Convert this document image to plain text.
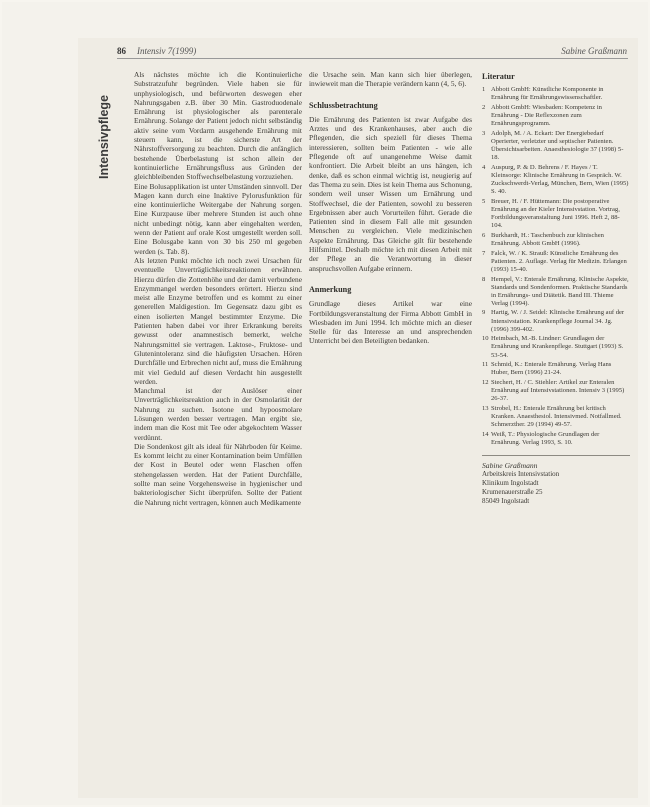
86 Intensiv 7(1999)	Sabine Graßmann
Intensivpflege

Als nächstes möchte ich die Kontinuierliche Substratzufuhr begründen. Viele haben sie für unphysiologisch, und befürworten deswegen eher Nahrungsgaben z.B. über 30 Min. Gastroduodenale Ernährung ist physiologischer als parenterale Ernährung. Solange der Patient jedoch nicht selbständig aktiv seine vom Vordarm ausgehende Ernährung mit steuern kann, ist die sicherste Art der Nährstoffversorgung zu beachten. Durch die anfänglich bestehende Überbelastung ist schon allein der kontinuierliche Ernährungsfluss aus Gründen der gleichbleibenden Stoffwechselbelastung vorzuziehen.

Eine Bolusapplikation ist unter Umständen sinnvoll. Der Magen kann durch eine Inaktive Pylorusfunktion für eine kontinuierliche Weitergabe der Nahrung sorgen. Eine Kurzpause über mehrere Stunden ist auch ohne nicht unbedingt nötig, kann aber eingehalten werden, wenn der Patient auf orale Kost umgestellt werden soll. Eine Bolusgabe kann von 30 bis 250 ml gegeben werden (s. Tab. 8).

Als letzten Punkt möchte ich noch zwei Ursachen für eventuelle Unverträglichkeitsreaktionen erwähnen. Hierzu dürfen die Zottenhöhe und der damit verbundene Enzymmangel werden besonders erörtert. Hierzu sind meist alle Enzyme betroffen und es kommt zu einer generellen Maldigestion. Im Gegensatz dazu gibt es einen isolierten Mangel bestimmter Enzyme. Die Patienten haben dabei vor ihrer Erkrankung bereits gewusst oder anamnestisch bemerkt, welche Nahrungsmittel sie vertragen. Laktose-, Fruktose- und Glutenintoleranz sind die häufigsten Ursachen. Hören Durchfälle und Erbrechen nicht auf, muss die Ernährung mit viel Geduld auf diesen Verdacht hin ausgestellt werden.

Manchmal ist der Auslöser einer Unverträglichkeitsreaktion auch in der Osmolarität der Nahrung zu suchen. Isotone und hypoosmolare Lösungen werden besser vertragen. Man ergibt sie, indem man die Kost mit Tee oder abgekochtem Wasser verdünnt.

Die Sondenkost gilt als ideal für Nährboden für Keime. Es kommt leicht zu einer Kontamination beim Umfüllen der Kost in Beutel oder wenn Flaschen offen stehengelassen werden. Hat der Patient Durchfälle, sollte man seine Vorgehensweise in hygienischer und bakteriologischer Sicht überprüfen. Sollte der Patient die Nahrung nicht vertragen, können auch Medikamente

die Ursache sein. Man kann sich hier überlegen, inwieweit man die Therapie verändern kann (4, 5, 6).

Schlussbetrachtung

Die Ernährung des Patienten ist zwar Aufgabe des Arztes und des Krankenhauses, aber auch die Pflegenden, die sich speziell für dieses Thema interessieren, sollten beim Patienten - wie alle Pflegende oft auf unangenehme Weise damit konfrontiert. Die Arbeit bleibt an uns hängen, ich denke, daß es schon einmal wichtig ist, neugierig auf das Thema zu sein. Dies ist kein Thema aus Schonung, sondern weil unser Wissen um Ernährung und Stoffwechsel, die der Patienten, sowohl zu besseren Ergebnissen aber auch Vorurteilen führt. Gerade die Patienten sind in diesem Fall alle mit gesunden Menschen zu vergleichen. Viele medizinischen Aspekte Ernährung. Das Gleiche gilt für bestehende Hilfsmittel. Deshalb möchte ich mit diesen Arbeit mit der Pflege an die Verantwortung in dieser anspruchsvollen Aufgabe erinnern.

Anmerkung

Grundlage dieses Artikel war eine Fortbildungsveranstaltung der Firma Abbott GmbH in Wiesbaden im Juni 1994. Ich möchte mich an dieser Stelle für das Interesse an und ansprechenden Unterricht bei den Beteiligten bedanken.

Literatur
1 Abbott GmbH: Künstliche Komponente in Ernährung für Ernährungswissenschaftler.
2 Abbott GmbH: Wiesbaden: Kompetenz in Ernährung - Die Reflexzonen zum Ernährungsprogramm.
3 Adolph, M. / A. Eckart: Der Energiebedarf Operierter, verletzter und septischer Patienten. Übersichtsarbeiten. Anaesthesiologie 37 (1998) 5-18.
4 Auspurg, P. & D. Behrens / F. Hayes / T. Kleinsorge: Klinische Ernährung in Gespräch. W. Zuckschwerdt-Verlag, München, Bern, Wien (1995) S. 40.
5 Breuer, H. / F. Hüttemann: Die postoperative Ernährung an der Kieler Intensivstation. Vortrag, Fortbildungsveranstaltung Juni 1996. Heft 2, 88-104.
6 Burkhardt, H.: Taschenbuch zur klinischen Ernährung. Abbott GmbH (1996).
7 Falck, W. / K. Strauß: Künstliche Ernährung des Patienten. 2. Auflage. Verlag für Medizin. Erlangen (1993) 15-40.
8 Hempel, V.: Enterale Ernährung. Klinische Aspekte, Standards und Sondenformen. Praktische Standards in Ernährungs- und Diätetik. Band III. Thieme Verlag (1994).
9 Hartig, W. / J. Seidel: Klinische Ernährung auf der Intensivstation. Krankenpflege Journal 34. Jg. (1996) 399-402.
10 Heimbach, M.-B. Lindner: Grundlagen der Ernährung und Krankenpflege. Stuttgart (1993) S. 53-54.
11 Schmid, K.: Enterale Ernährung. Verlag Hans Huber, Bern (1996) 21-24.
12 Stechert, H. / C. Stiehler: Artikel zur Enteralen Ernährung auf Intensivstationen. Intensiv 3 (1995) 26-37.
13 Strobel, H.: Enterale Ernährung bei kritisch Kranken. Anaesthesiol. Intensivmed. Notfallmed. Schmerzther. 29 (1994) 49-57.
14 Weiß, T.: Physiologische Grundlagen der Ernährung. Verlag 1993, S. 10.
Sabine Graßmann
Arbeitskreis Intensivstation
Klinikum Ingolstadt
Krumenauerstraße 25
85049 Ingolstadt
